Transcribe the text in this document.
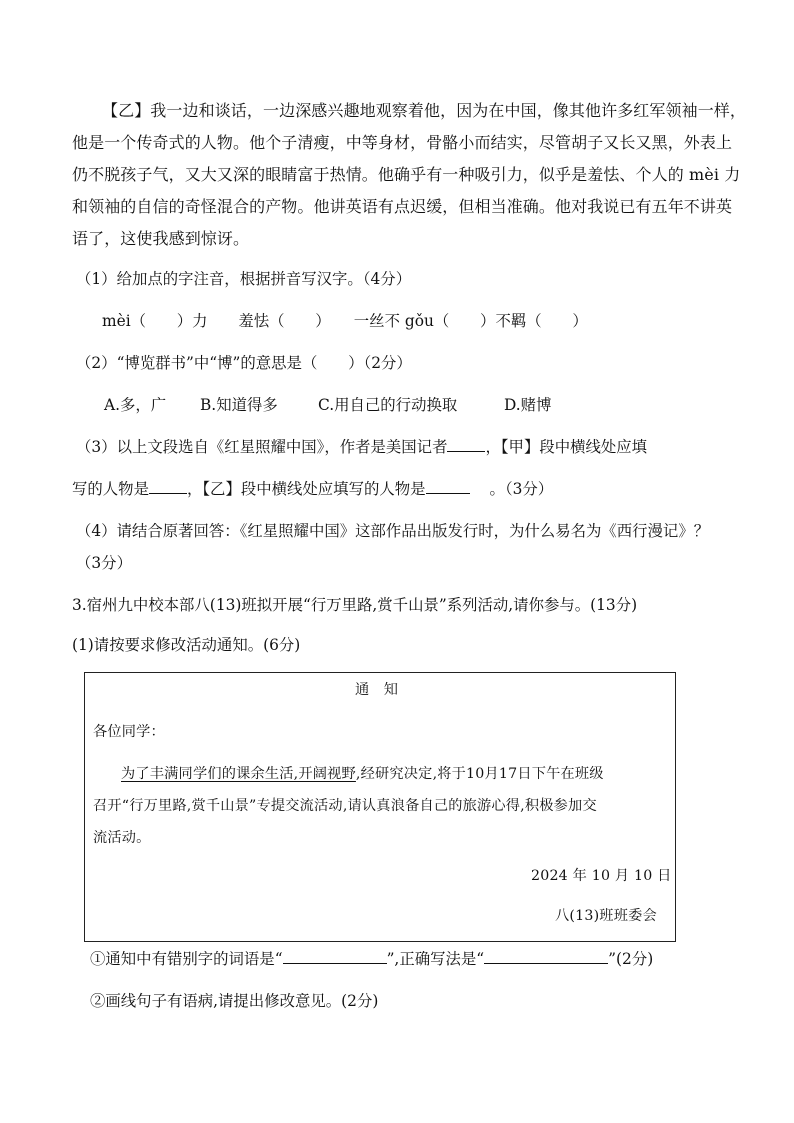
【乙】我一边和谈话，一边深感兴趣地观察着他，因为在中国，像其他许多红军领袖一样，
他是一个传奇式的人物。他个子清瘦，中等身材，骨骼小而结实，尽管胡子又长又黑，外表上
仍不脱孩子气，又大又深的眼睛富于热情。他确乎有一种吸引力，似乎是羞怯、个人的 mèi 力
和领袖的自信的奇怪混合的产物。他讲英语有点迟缓，但相当准确。他对我说已有五年不讲英
语了，这使我感到惊讶。
（1）给加点的字注音，根据拼音写汉字。（4分）
mèi（　　）力　　羞怯（　　）　　一丝不 gǒu（　　）不羁（　　）
（2）“博览群书”中“博”的意思是（　　）（2分）
A.多，广 B.知道得多	C.用自己的行动换取	D.赌博
（3）以上文段选自《红星照耀中国》，作者是美国记者 ，【甲】段中横线处应填
写的人物是 ，【乙】段中横线处应填写的人物是	。（3分）
（4）请结合原著回答：《红星照耀中国》这部作品出版发行时，为什么易名为《西行漫记》？
（3分）
3.宿州九中校本部八(13)班拟开展“行万里路,赏千山景”系列活动,请你参与。(13分)
(1)请按要求修改活动通知。(6分)
通　知
各位同学：
为了丰满同学们的课余生活,开阔视野,经研究决定,将于10月17日下午在班级
召开“行万里路,赏千山景”专提交流活动,请认真浪备自己的旅游心得,积极参加交
流活动。
2024 年 10 月 10 日
八(13)班班委会
①通知中有错别字的词语是“	”,正确写法是“	”(2分)
②画线句子有语病,请提出修改意见。(2分)
